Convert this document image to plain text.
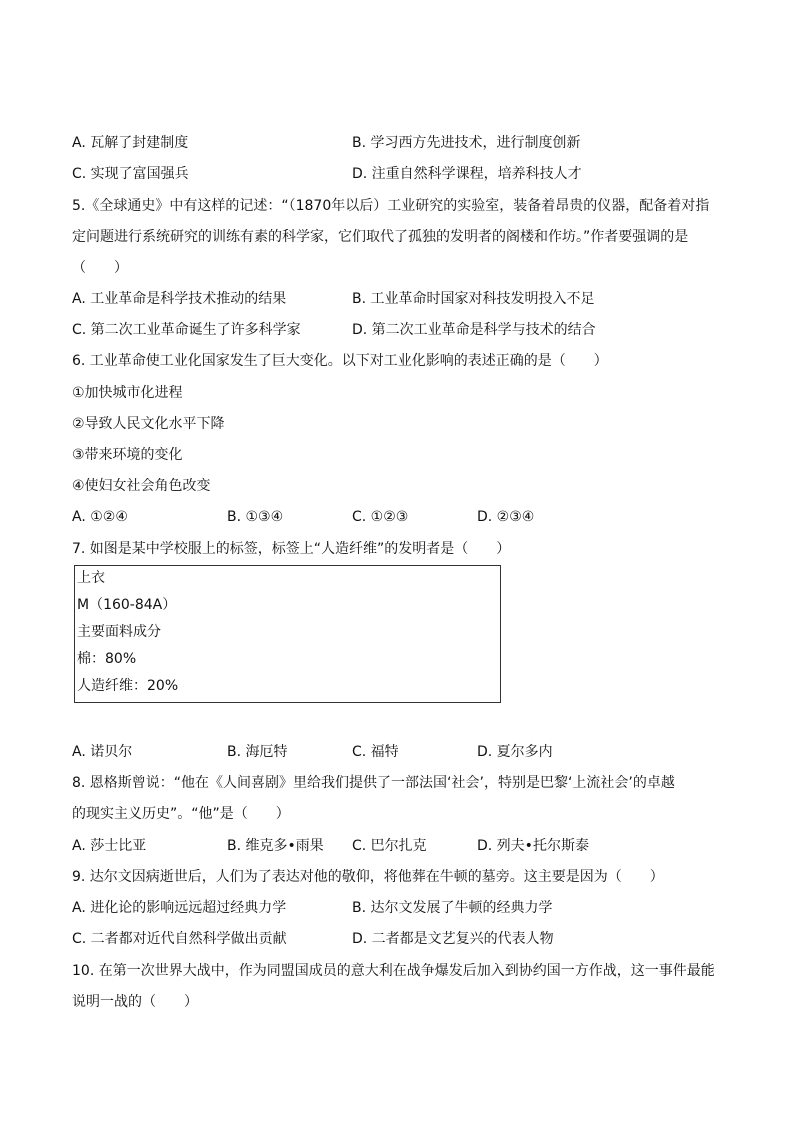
A. 瓦解了封建制度	B. 学习西方先进技术，进行制度创新
C. 实现了富国强兵	D. 注重自然科学课程，培养科技人才
5.《全球通史》中有这样的记述：“（1870年以后）工业研究的实验室，装备着昂贵的仪器，配备着对指
定问题进行系统研究的训练有素的科学家，它们取代了孤独的发明者的阁楼和作坊。”作者要强调的是
（　　）
A. 工业革命是科学技术推动的结果	B. 工业革命时国家对科技发明投入不足
C. 第二次工业革命诞生了许多科学家	D. 第二次工业革命是科学与技术的结合
6. 工业革命使工业化国家发生了巨大变化。以下对工业化影响的表述正确的是（　　）
①加快城市化进程
②导致人民文化水平下降
③带来环境的变化
④使妇女社会角色改变
A. ①②④	B. ①③④	C. ①②③	D. ②③④
7. 如图是某中学校服上的标签，标签上“人造纤维”的发明者是（　　）
上衣
M（160-84A）
主要面料成分
棉：80%
人造纤维：20%
A. 诺贝尔	B. 海厄特	C. 福特	D. 夏尔多内
8. 恩格斯曾说：“他在《人间喜剧》里给我们提供了一部法国‘社会’，特别是巴黎‘上流社会’的卓越
的现实主义历史”。“他”是（　　）
A. 莎士比亚	B. 维克多•雨果 C. 巴尔扎克	D. 列夫•托尔斯泰
9. 达尔文因病逝世后，人们为了表达对他的敬仰，将他葬在牛顿的墓旁。这主要是因为（　　）
A. 进化论的影响远远超过经典力学	B. 达尔文发展了牛顿的经典力学
C. 二者都对近代自然科学做出贡献	D. 二者都是文艺复兴的代表人物
10. 在第一次世界大战中，作为同盟国成员的意大利在战争爆发后加入到协约国一方作战，这一事件最能
说明一战的（　　）
